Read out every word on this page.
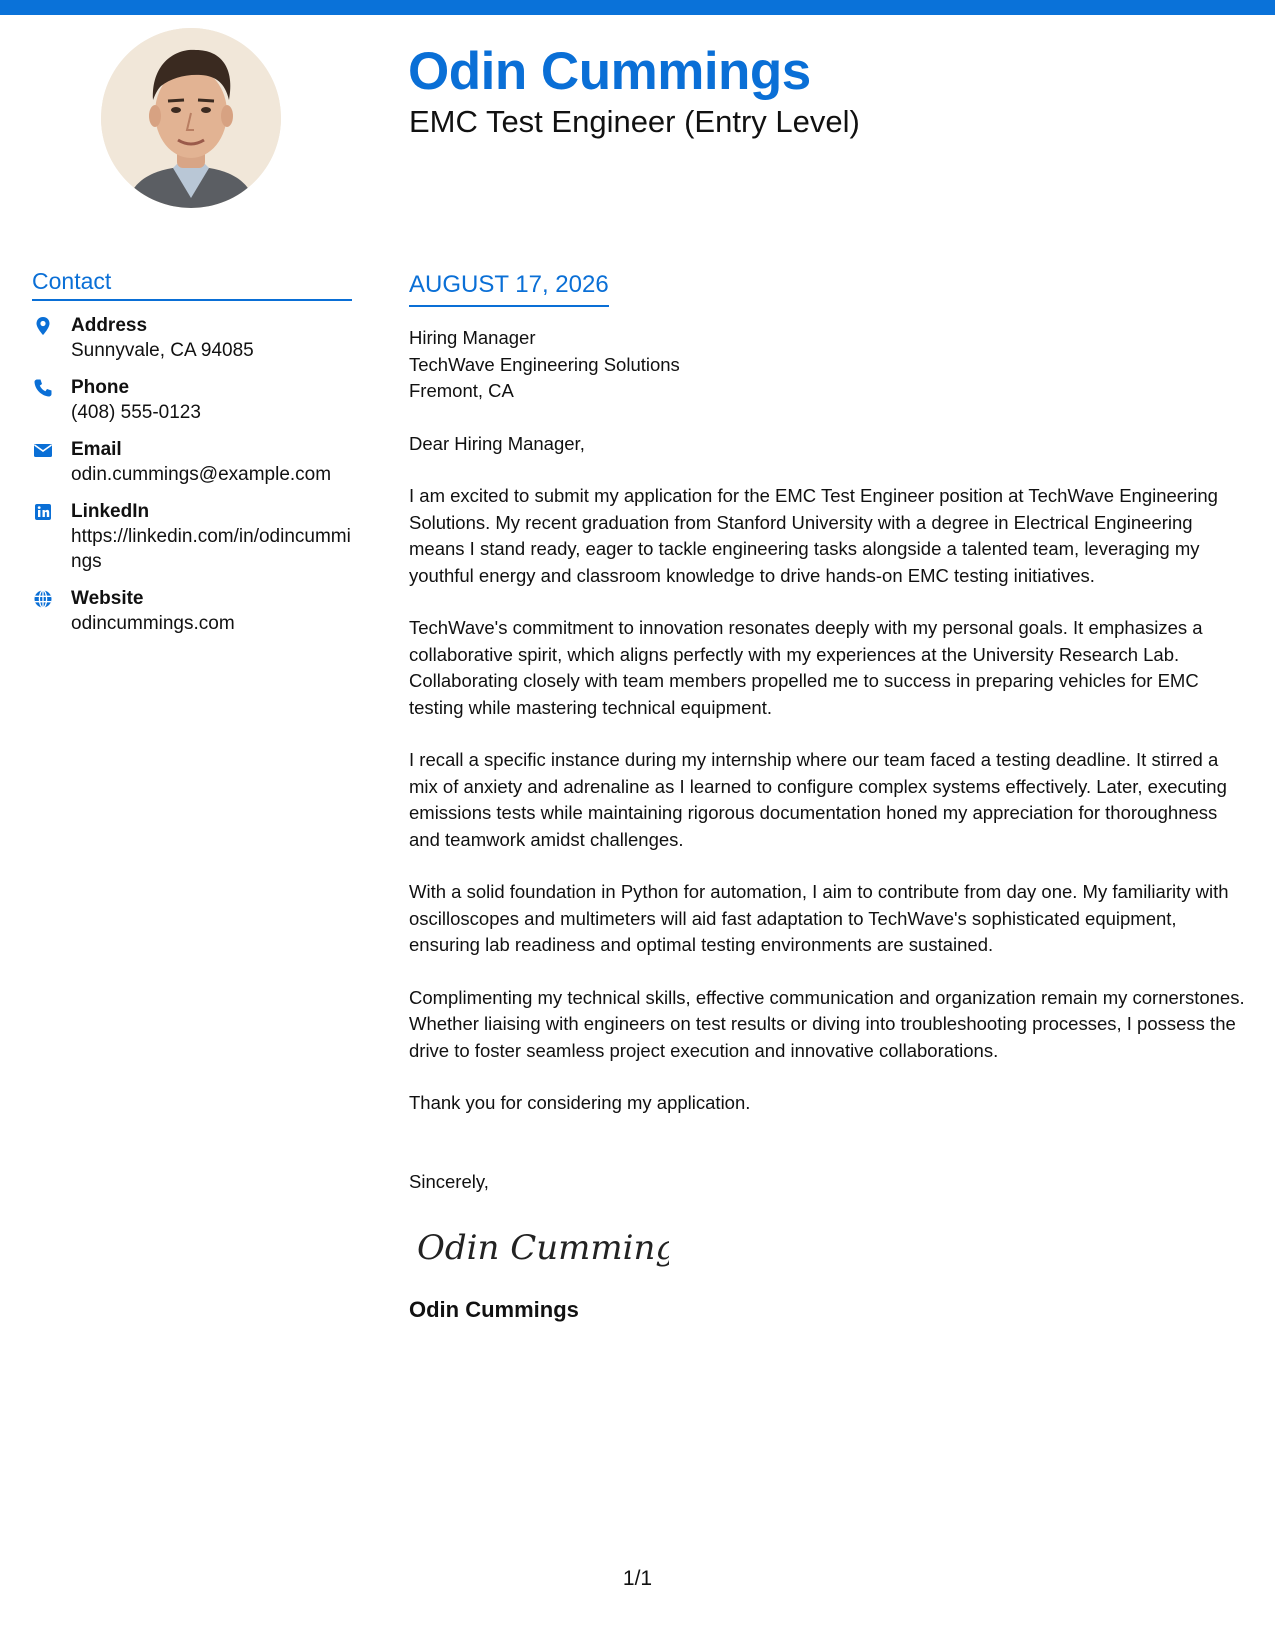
Odin Cummings
EMC Test Engineer (Entry Level)
Contact
Address
Sunnyvale, CA 94085
Phone
(408) 555-0123
Email
odin.cummings@example.com
LinkedIn
https://linkedin.com/in/odincummings
Website
odincummings.com
AUGUST 17, 2026
Hiring Manager
TechWave Engineering Solutions
Fremont, CA
Dear Hiring Manager,
I am excited to submit my application for the EMC Test Engineer position at TechWave Engineering Solutions. My recent graduation from Stanford University with a degree in Electrical Engineering means I stand ready, eager to tackle engineering tasks alongside a talented team, leveraging my youthful energy and classroom knowledge to drive hands-on EMC testing initiatives.
TechWave's commitment to innovation resonates deeply with my personal goals. It emphasizes a collaborative spirit, which aligns perfectly with my experiences at the University Research Lab. Collaborating closely with team members propelled me to success in preparing vehicles for EMC testing while mastering technical equipment.
I recall a specific instance during my internship where our team faced a testing deadline. It stirred a mix of anxiety and adrenaline as I learned to configure complex systems effectively. Later, executing emissions tests while maintaining rigorous documentation honed my appreciation for thoroughness and teamwork amidst challenges.
With a solid foundation in Python for automation, I aim to contribute from day one. My familiarity with oscilloscopes and multimeters will aid fast adaptation to TechWave's sophisticated equipment, ensuring lab readiness and optimal testing environments are sustained.
Complimenting my technical skills, effective communication and organization remain my cornerstones. Whether liaising with engineers on test results or diving into troubleshooting processes, I possess the drive to foster seamless project execution and innovative collaborations.
Thank you for considering my application.
Sincerely,
Odin Cummings
Odin Cummings
1/1
